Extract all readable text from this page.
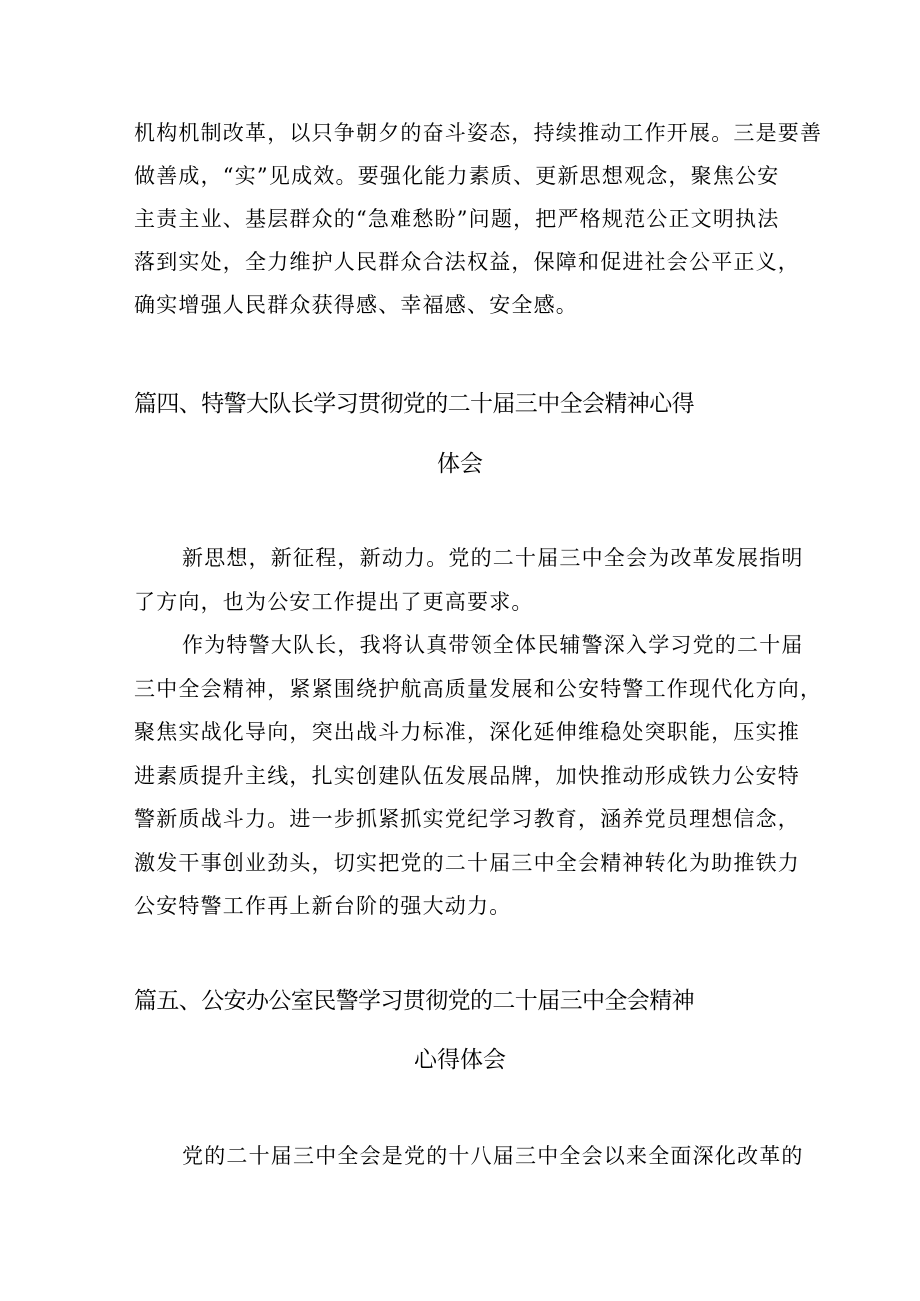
机构机制改革，以只争朝夕的奋斗姿态，持续推动工作开展。三是要善
做善成，“实”见成效。要强化能力素质、更新思想观念，聚焦公安
主责主业、基层群众的“急难愁盼”问题，把严格规范公正文明执法
落到实处，全力维护人民群众合法权益，保障和促进社会公平正义，
确实增强人民群众获得感、幸福感、安全感。
篇四、特警大队长学习贯彻党的二十届三中全会精神心得
体会
新思想，新征程，新动力。党的二十届三中全会为改革发展指明
了方向，也为公安工作提出了更高要求。
作为特警大队长，我将认真带领全体民辅警深入学习党的二十届
三中全会精神，紧紧围绕护航高质量发展和公安特警工作现代化方向，
聚焦实战化导向，突出战斗力标准，深化延伸维稳处突职能，压实推
进素质提升主线，扎实创建队伍发展品牌，加快推动形成铁力公安特
警新质战斗力。进一步抓紧抓实党纪学习教育，涵养党员理想信念，
激发干事创业劲头，切实把党的二十届三中全会精神转化为助推铁力
公安特警工作再上新台阶的强大动力。
篇五、公安办公室民警学习贯彻党的二十届三中全会精神
心得体会
党的二十届三中全会是党的十八届三中全会以来全面深化改革的
